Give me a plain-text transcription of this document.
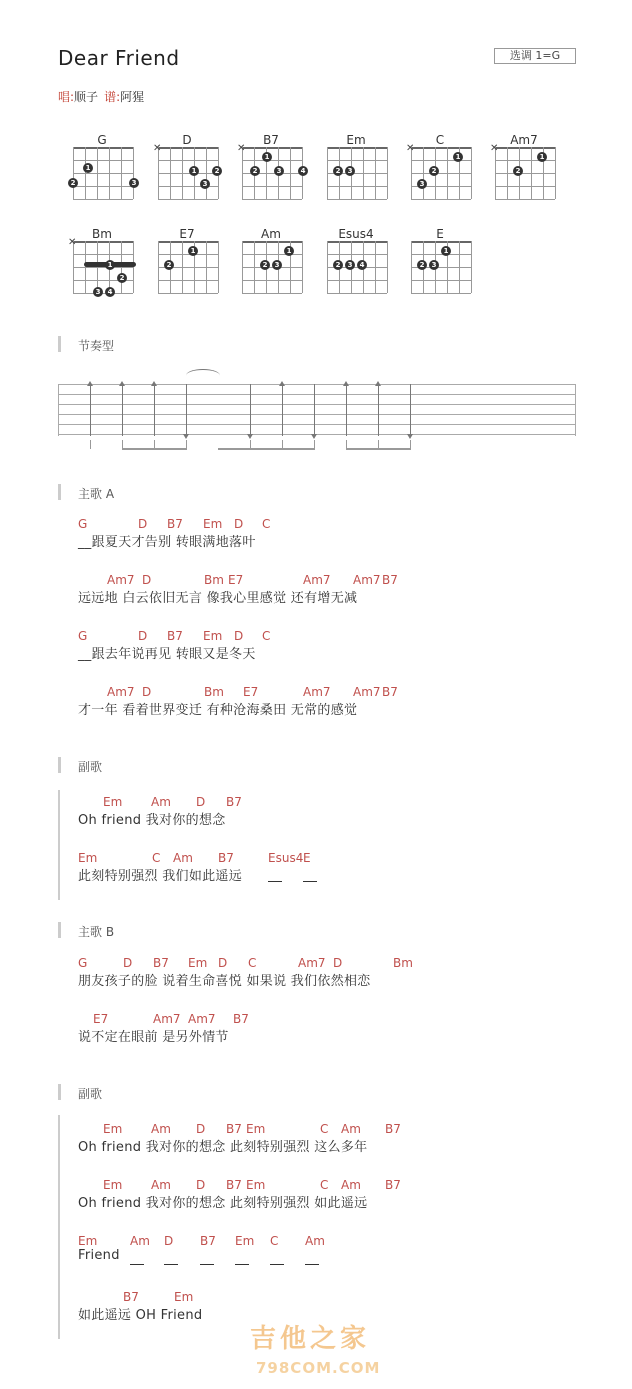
Dear Friend	选调 1=G
唱:顺子 谱:阿猩
G
1
2	3
D
✕
1	2
3
B7
✕
1
2	3	4
Em
2	3
C
✕
1
2
3
Am7
✕
1
2
Bm
✕
1
2
3	4
E7
1
2
Am
1
2	3
Esus4
2	3	4
E
1
2	3
节奏型
主歌 A
G	D B7 Em D C
__跟夏天才告别 转眼满地落叶
Am7 D	Bm E7	Am7 Am7 B7
远远地 白云依旧无言 像我心里感觉 还有增无减
G	D B7 Em D C
__跟去年说再见 转眼又是冬天
Am7 D	Bm E7	Am7 Am7 B7
才一年 看着世界变迁 有种沧海桑田 无常的感觉
副歌
Em Am D B7
Oh friend 我对你的想念
Em	C Am B7	Esus4 E
此刻特别强烈 我们如此遥远
主歌 B
G	D B7 Em D C	Am7 D	Bm
朋友孩子的脸 说着生命喜悦 如果说 我们依然相恋
E7	Am7 Am7 B7
说不定在眼前 是另外情节
副歌
Em Am D B7 Em	C Am B7
Oh friend 我对你的想念 此刻特别强烈 这么多年
Em Am D B7 Em	C Am B7
Oh friend 我对你的想念 此刻特别强烈 如此遥远
Em	Am D B7 Em C Am
Friend
B7	Em
如此遥远 OH Friend
吉他之家
798COM.COM
